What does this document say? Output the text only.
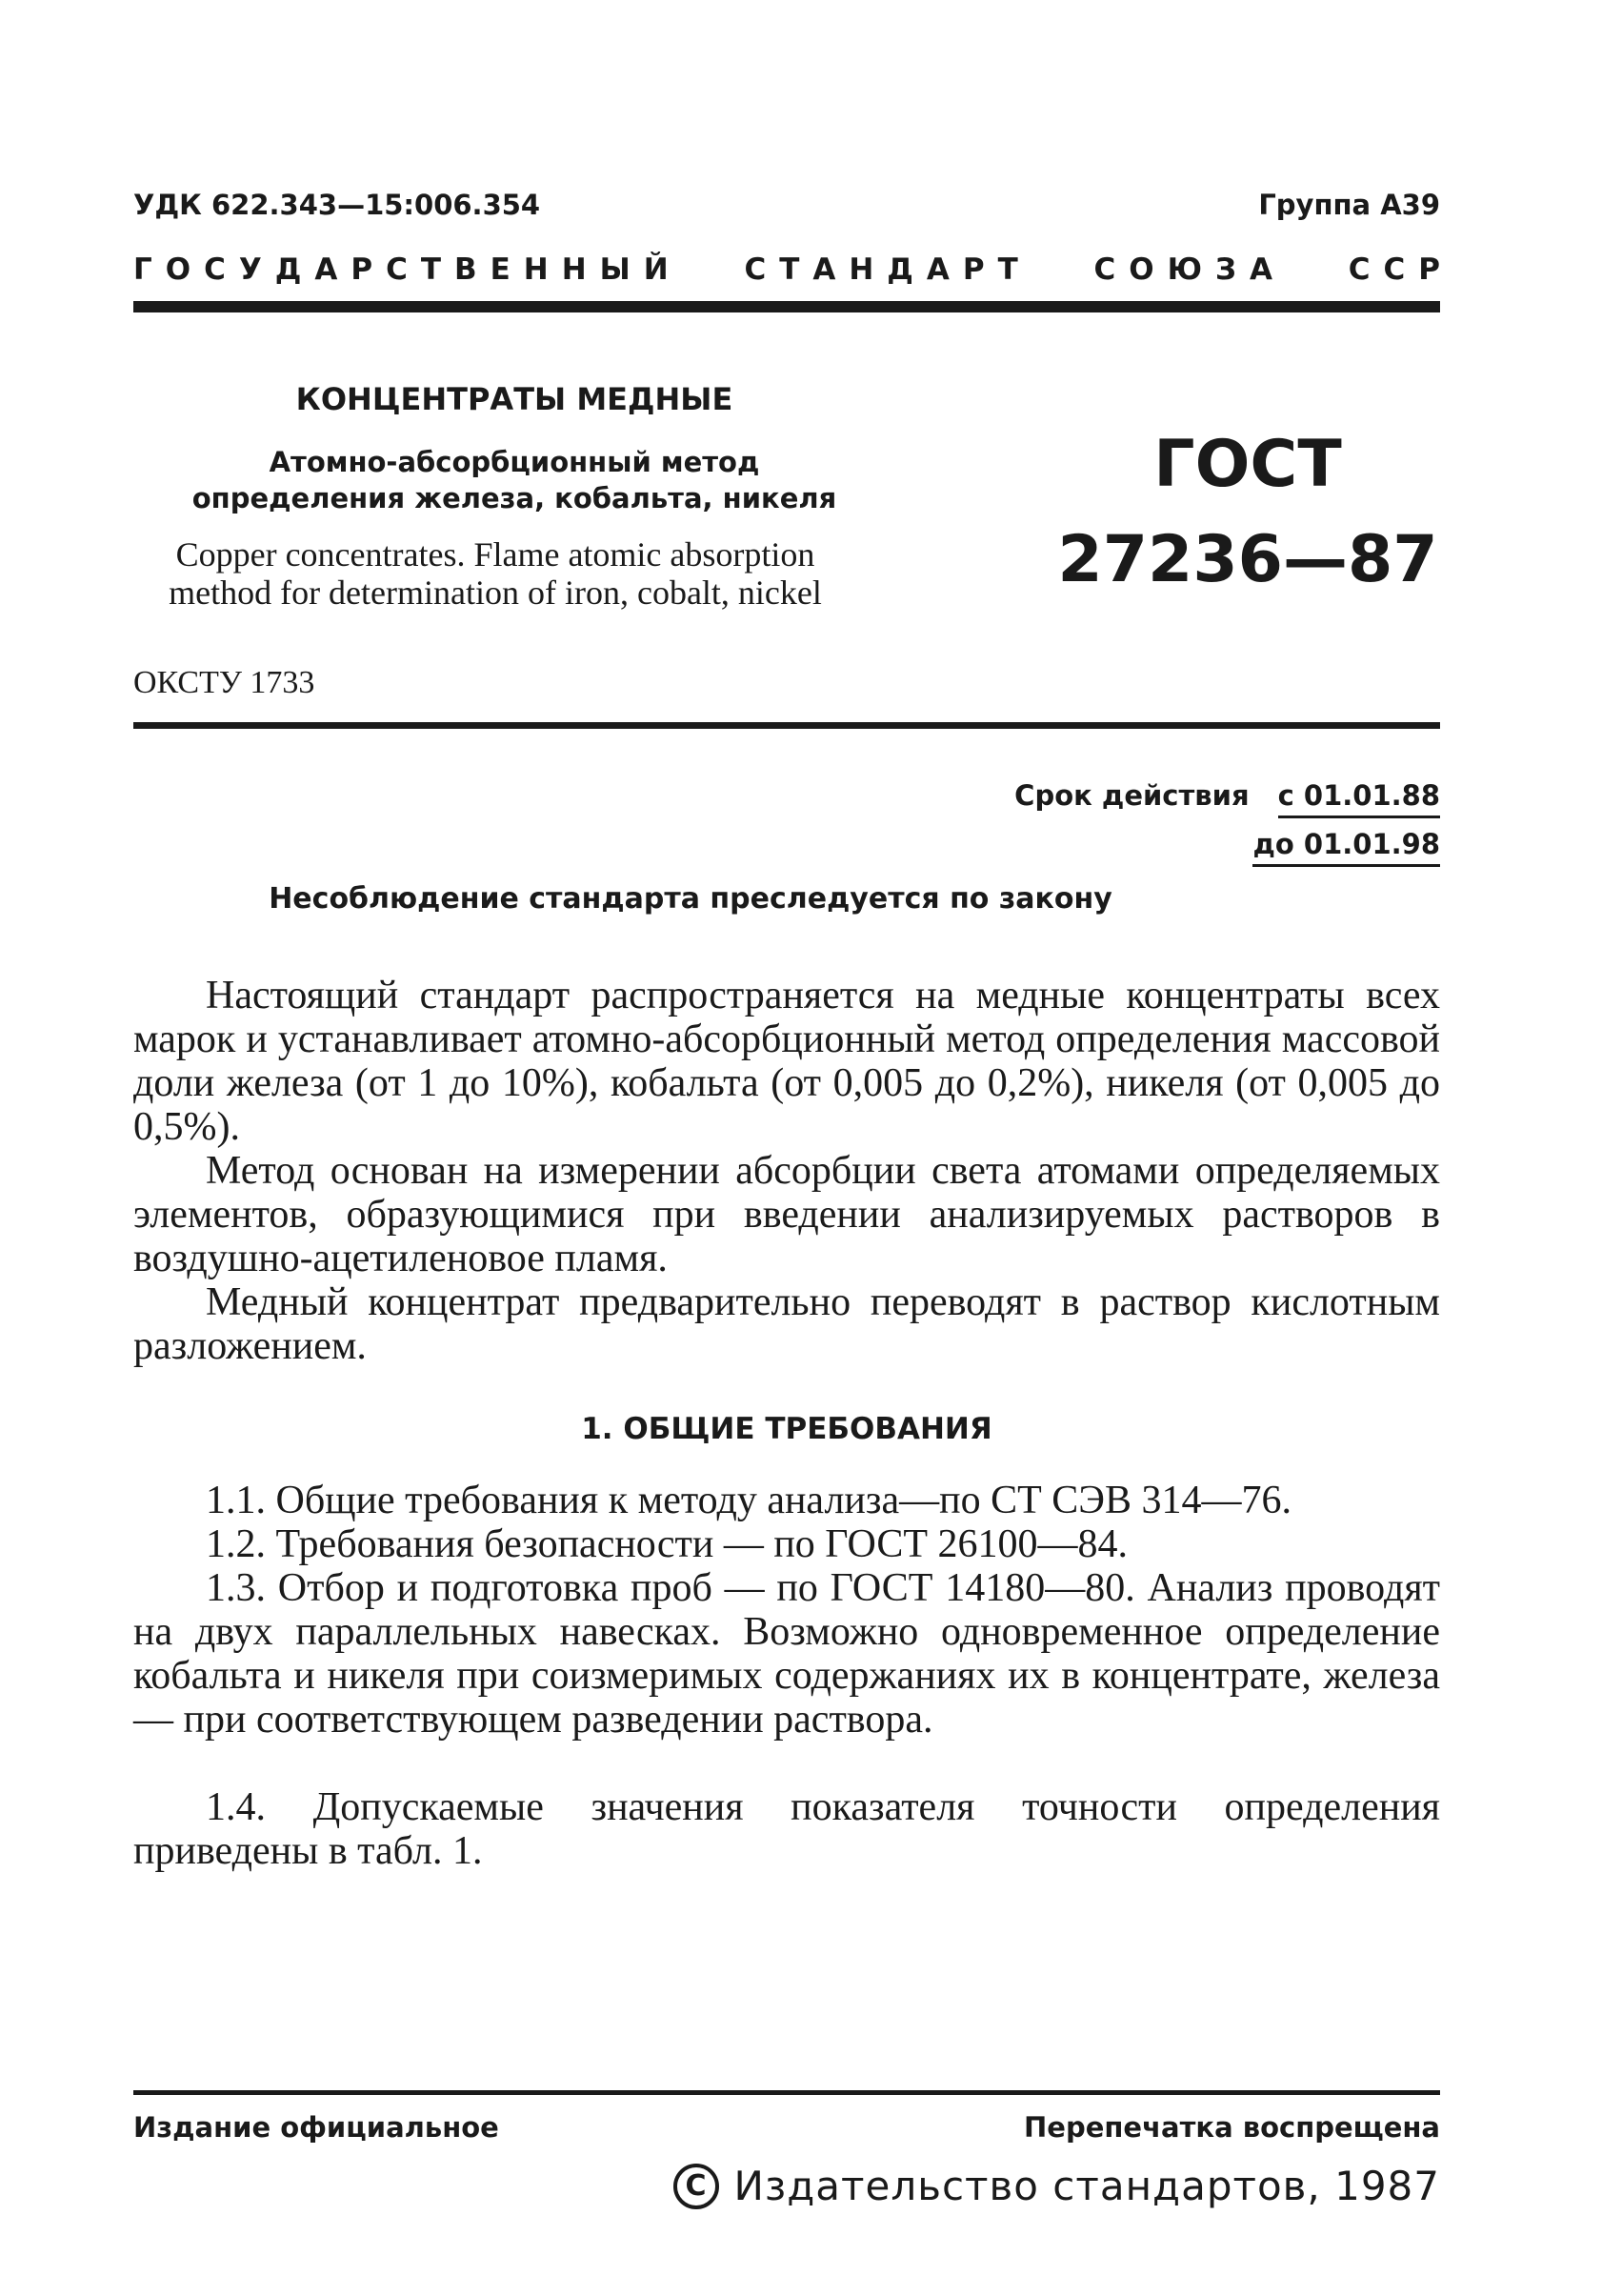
УДК 622.343—15:006.354	Группа А39
ГОСУДАРСТВЕННЫЙ СТАНДАРТ СОЮЗА ССР
КОНЦЕНТРАТЫ МЕДНЫЕ
Атомно-абсорбционный метод
определения железа, кобальта, никеля
Copper concentrates. Flame atomic absorption
method for determination of iron, cobalt, nickel
ГОСТ
27236—87
ОКСТУ 1733
Срок действия с 01.01.88
до 01.01.98
Несоблюдение стандарта преследуется по закону
Настоящий стандарт распространяется на медные концентраты всех марок и устанавливает атомно-абсорбционный метод определения массовой доли железа (от 1 до 10%), кобальта (от 0,005 до 0,2%), никеля (от 0,005 до 0,5%).
Метод основан на измерении абсорбции света атомами определяемых элементов, образующимися при введении анализируемых растворов в воздушно-ацетиленовое пламя.
Медный концентрат предварительно переводят в раствор кислотным разложением.
1. ОБЩИЕ ТРЕБОВАНИЯ
1.1. Общие требования к методу анализа—по СТ СЭВ 314—76.
1.2. Требования безопасности — по ГОСТ 26100—84.
1.3. Отбор и подготовка проб — по ГОСТ 14180—80. Анализ проводят на двух параллельных навесках. Возможно одновременное определение кобальта и никеля при соизмеримых содержаниях их в концентрате, железа — при соответствующем разведении раствора.
1.4. Допускаемые значения показателя точности определения приведены в табл. 1.
Издание официальное	Перепечатка воспрещена
C Издательство стандартов, 1987
